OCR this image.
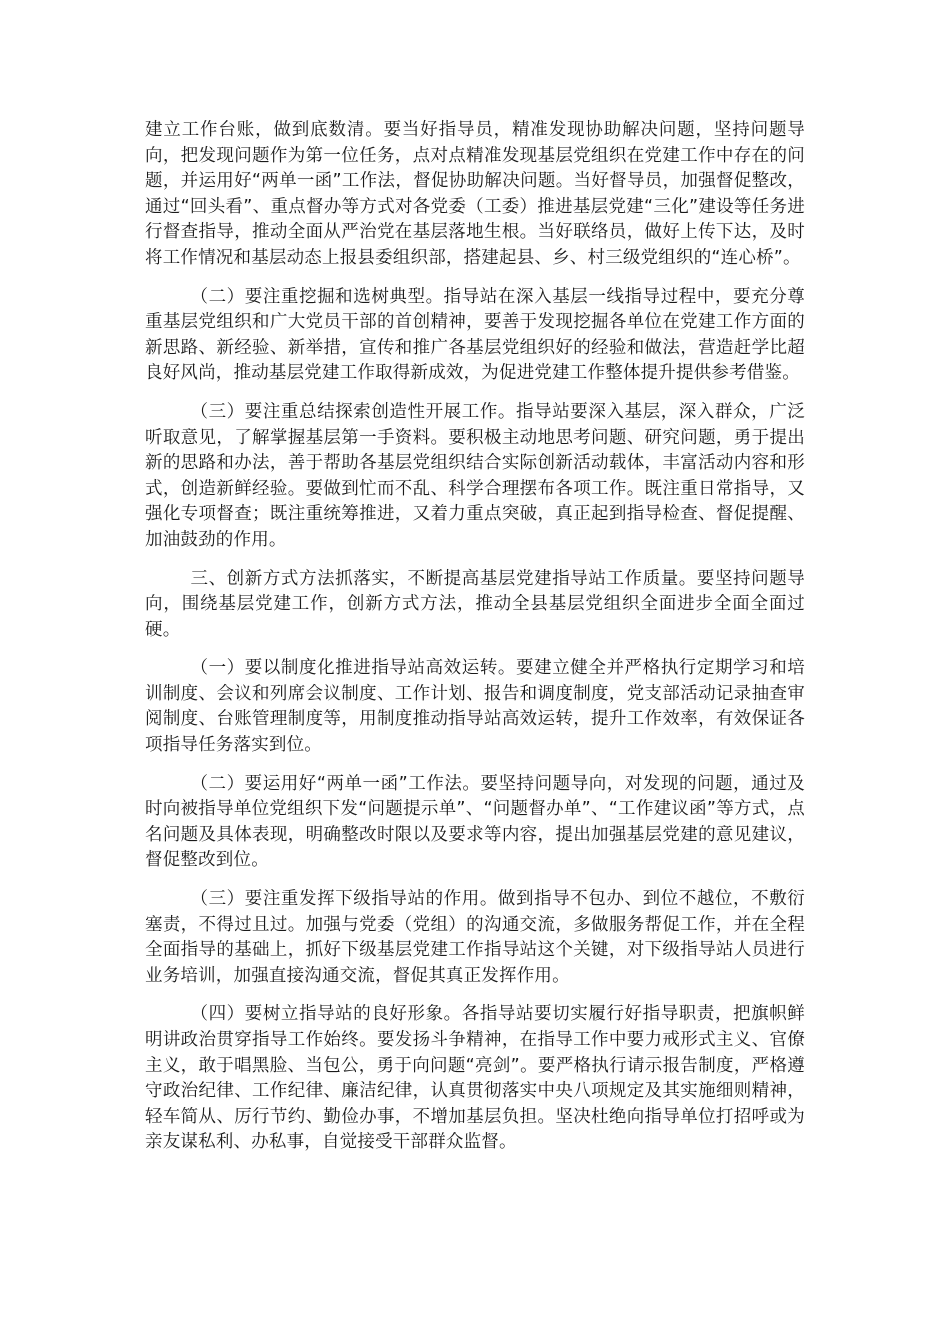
建立工作台账，做到底数清。要当好指导员，精准发现协助解决问题，坚持问题导向，把发现问题作为第一位任务，点对点精准发现基层党组织在党建工作中存在的问题，并运用好“两单一函”工作法，督促协助解决问题。当好督导员，加强督促整改，通过“回头看”、重点督办等方式对各党委（工委）推进基层党建“三化”建设等任务进行督查指导，推动全面从严治党在基层落地生根。当好联络员，做好上传下达，及时将工作情况和基层动态上报县委组织部，搭建起县、乡、村三级党组织的“连心桥”。

（二）要注重挖掘和选树典型。指导站在深入基层一线指导过程中，要充分尊重基层党组织和广大党员干部的首创精神，要善于发现挖掘各单位在党建工作方面的新思路、新经验、新举措，宣传和推广各基层党组织好的经验和做法，营造赶学比超良好风尚，推动基层党建工作取得新成效，为促进党建工作整体提升提供参考借鉴。

（三）要注重总结探索创造性开展工作。指导站要深入基层，深入群众，广泛听取意见，了解掌握基层第一手资料。要积极主动地思考问题、研究问题，勇于提出新的思路和办法，善于帮助各基层党组织结合实际创新活动载体，丰富活动内容和形式，创造新鲜经验。要做到忙而不乱、科学合理摆布各项工作。既注重日常指导，又强化专项督查；既注重统筹推进，又着力重点突破，真正起到指导检查、督促提醒、加油鼓劲的作用。

三、创新方式方法抓落实，不断提高基层党建指导站工作质量。要坚持问题导向，围绕基层党建工作，创新方式方法，推动全县基层党组织全面进步全面全面过硬。

（一）要以制度化推进指导站高效运转。要建立健全并严格执行定期学习和培训制度、会议和列席会议制度、工作计划、报告和调度制度，党支部活动记录抽查审阅制度、台账管理制度等，用制度推动指导站高效运转，提升工作效率，有效保证各项指导任务落实到位。

（二）要运用好“两单一函”工作法。要坚持问题导向，对发现的问题，通过及时向被指导单位党组织下发“问题提示单”、“问题督办单”、“工作建议函”等方式，点名问题及具体表现，明确整改时限以及要求等内容，提出加强基层党建的意见建议，督促整改到位。

（三）要注重发挥下级指导站的作用。做到指导不包办、到位不越位，不敷衍塞责，不得过且过。加强与党委（党组）的沟通交流，多做服务帮促工作，并在全程全面指导的基础上，抓好下级基层党建工作指导站这个关键，对下级指导站人员进行业务培训，加强直接沟通交流，督促其真正发挥作用。

（四）要树立指导站的良好形象。各指导站要切实履行好指导职责，把旗帜鲜明讲政治贯穿指导工作始终。要发扬斗争精神，在指导工作中要力戒形式主义、官僚主义，敢于唱黑脸、当包公，勇于向问题“亮剑”。要严格执行请示报告制度，严格遵守政治纪律、工作纪律、廉洁纪律，认真贯彻落实中央八项规定及其实施细则精神，轻车简从、厉行节约、勤俭办事，不增加基层负担。坚决杜绝向指导单位打招呼或为亲友谋私利、办私事，自觉接受干部群众监督。
